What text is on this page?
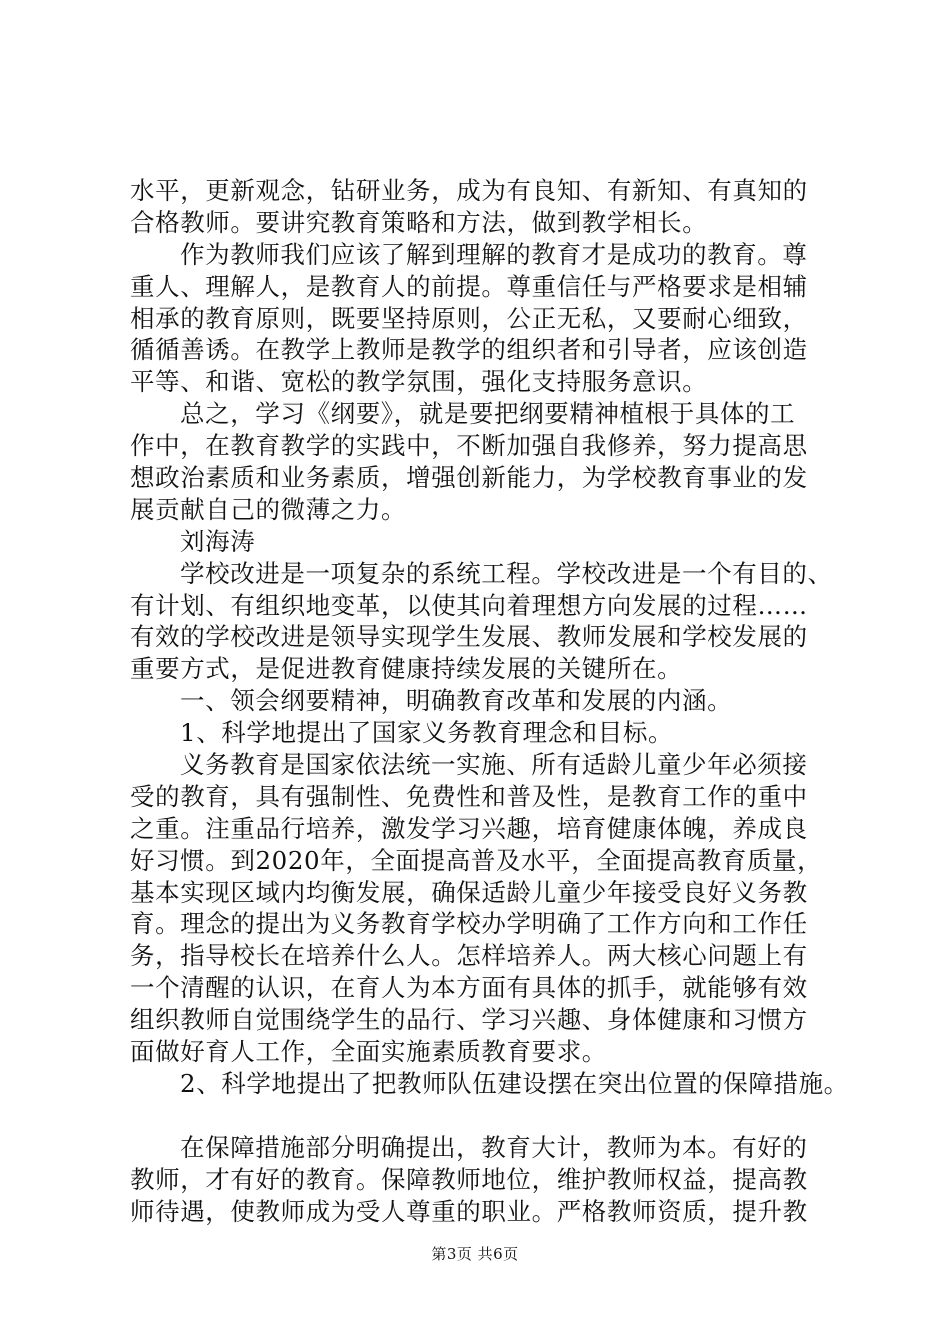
水平，更新观念，钻研业务，成为有良知、有新知、有真知的
合格教师。要讲究教育策略和方法，做到教学相长。
作为教师我们应该了解到理解的教育才是成功的教育。尊
重人、理解人，是教育人的前提。尊重信任与严格要求是相辅
相承的教育原则，既要坚持原则，公正无私，又要耐心细致，
循循善诱。在教学上教师是教学的组织者和引导者，应该创造
平等、和谐、宽松的教学氛围，强化支持服务意识。
总之，学习《纲要》，就是要把纲要精神植根于具体的工
作中，在教育教学的实践中，不断加强自我修养，努力提高思
想政治素质和业务素质，增强创新能力，为学校教育事业的发
展贡献自己的微薄之力。
刘海涛
学校改进是一项复杂的系统工程。学校改进是一个有目的、
有计划、有组织地变革，以使其向着理想方向发展的过程……
有效的学校改进是领导实现学生发展、教师发展和学校发展的
重要方式，是促进教育健康持续发展的关键所在。
一、领会纲要精神，明确教育改革和发展的内涵。
1、科学地提出了国家义务教育理念和目标。
义务教育是国家依法统一实施、所有适龄儿童少年必须接
受的教育，具有强制性、免费性和普及性，是教育工作的重中
之重。注重品行培养，激发学习兴趣，培育健康体魄，养成良
好习惯。到2020年，全面提高普及水平，全面提高教育质量，
基本实现区域内均衡发展，确保适龄儿童少年接受良好义务教
育。理念的提出为义务教育学校办学明确了工作方向和工作任
务，指导校长在培养什么人。怎样培养人。两大核心问题上有
一个清醒的认识，在育人为本方面有具体的抓手，就能够有效
组织教师自觉围绕学生的品行、学习兴趣、身体健康和习惯方
面做好育人工作，全面实施素质教育要求。
2、科学地提出了把教师队伍建设摆在突出位置的保障措施。
在保障措施部分明确提出，教育大计，教师为本。有好的
教师，才有好的教育。保障教师地位，维护教师权益，提高教
师待遇，使教师成为受人尊重的职业。严格教师资质，提升教
第3页 共6页
